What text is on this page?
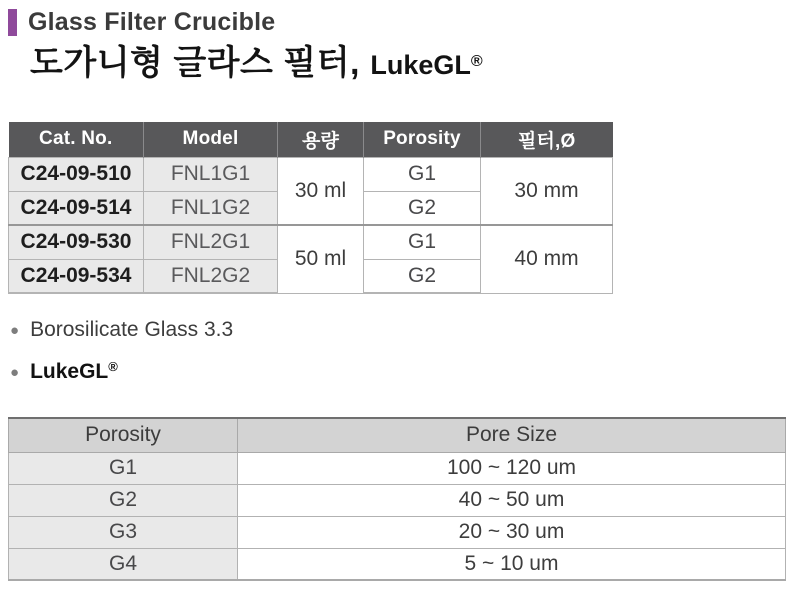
Glass Filter Crucible
도가니형 글라스 필터, LukeGL®
Cat. No.	Model	용량	Porosity	필터,Ø
C24-09-510	FNL1G1	30 ml	G1	30 mm
C24-09-514	FNL1G2		G2	
C24-09-530	FNL2G1	50 ml	G1	40 mm
C24-09-534	FNL2G2		G2	
● Borosilicate Glass 3.3
● LukeGL®
Porosity	Pore Size
G1	100 ~ 120 um
G2	40 ~ 50 um
G3	20 ~ 30 um
G4	5 ~ 10 um
